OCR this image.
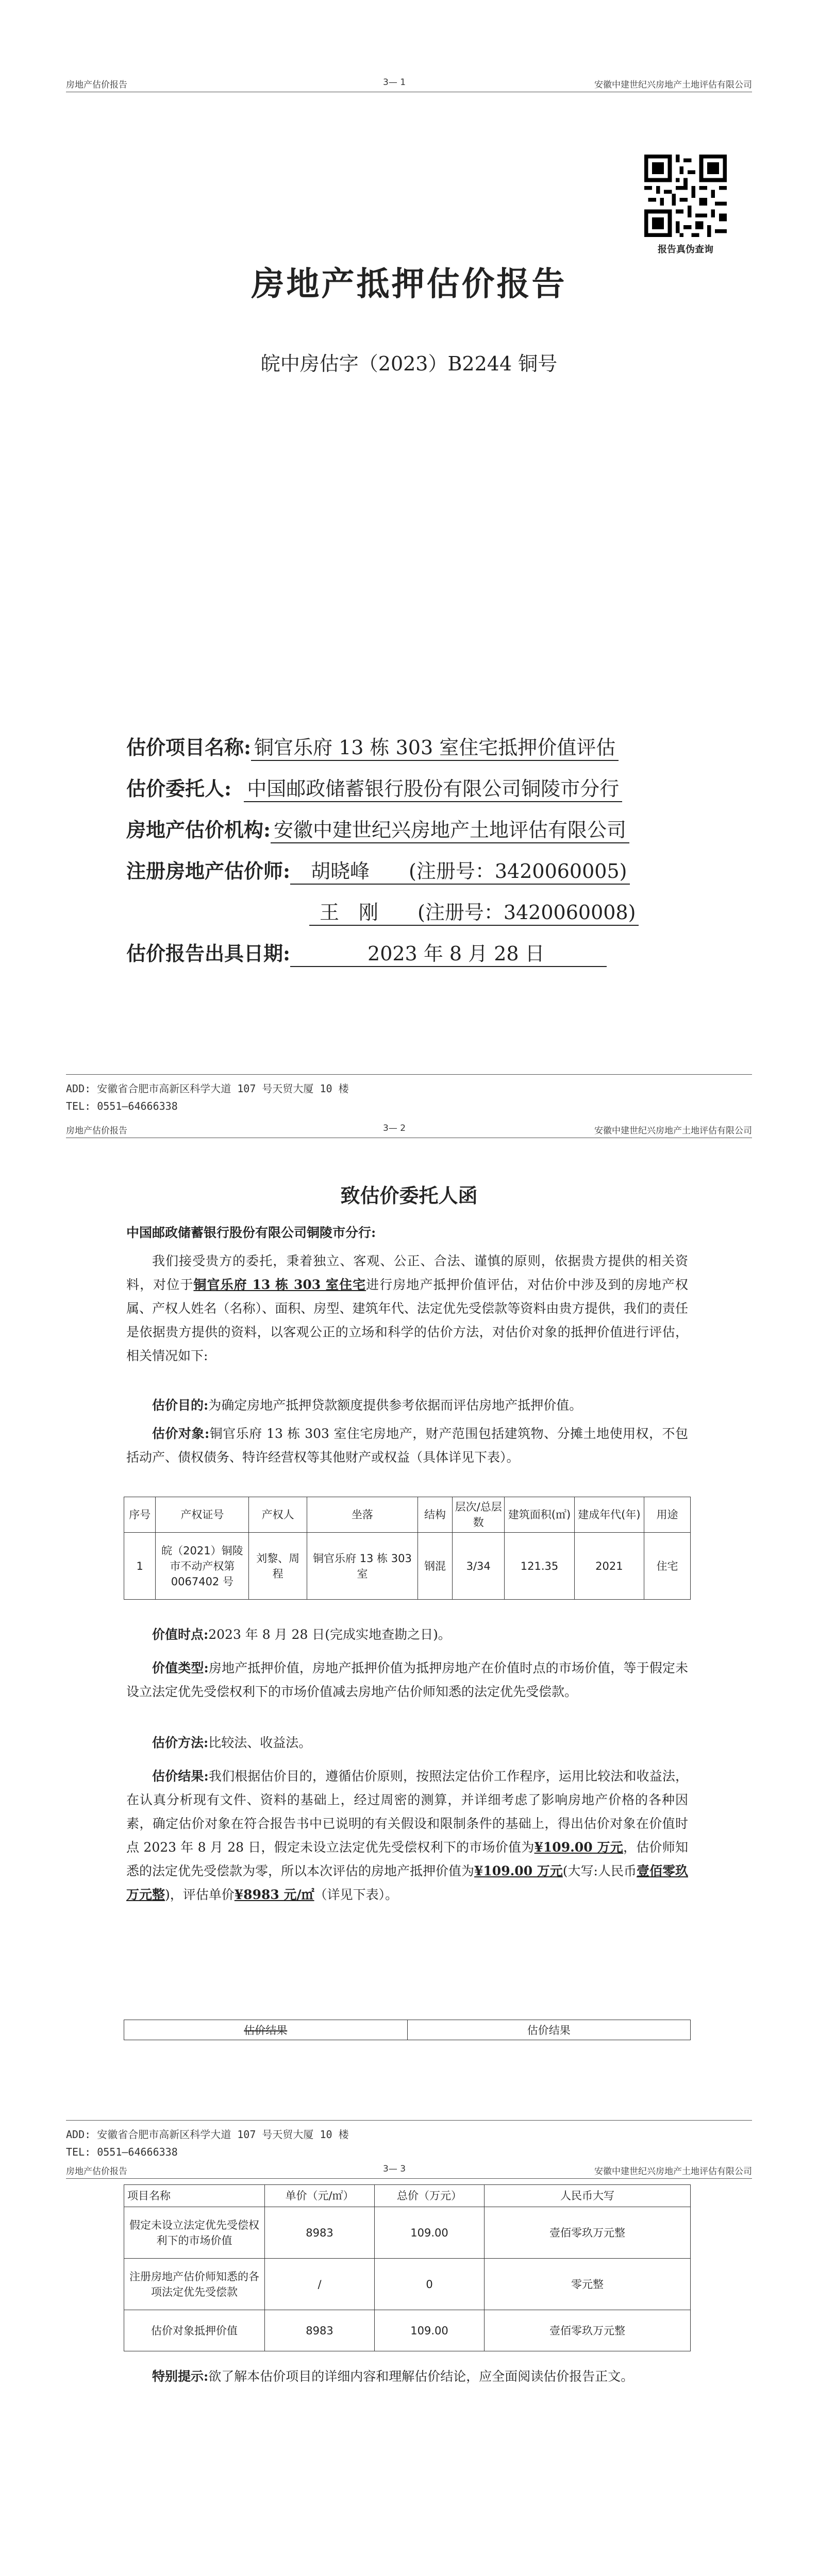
房地产估价报告	3— 1	安徽中建世纪兴房地产土地评估有限公司
报告真伪查询
房地产抵押估价报告
皖中房估字（2023）B2244 铜号
估价项目名称: 铜官乐府 13 栋 303 室住宅抵押价值评估
估价委托人: 中国邮政储蓄银行股份有限公司铜陵市分行
房地产估价机构: 安徽中建世纪兴房地产土地评估有限公司
注册房地产估价师: 胡晓峰　　(注册号：3420060005)
王　刚　　(注册号：3420060008)
估价报告出具日期:	2023 年 8 月 28 日
ADD: 安徽省合肥市高新区科学大道 107 号天贸大厦 10 楼
TEL: 0551—64666338
房地产估价报告	3— 2	安徽中建世纪兴房地产土地评估有限公司
致估价委托人函
中国邮政储蓄银行股份有限公司铜陵市分行:
我们接受贵方的委托，秉着独立、客观、公正、合法、谨慎的原则，依据贵方提供的相关资料，对位于铜官乐府 13 栋 303 室住宅进行房地产抵押价值评估，对估价中涉及到的房地产权属、产权人姓名（名称）、面积、房型、建筑年代、法定优先受偿款等资料由贵方提供，我们的责任是依据贵方提供的资料，以客观公正的立场和科学的估价方法，对估价对象的抵押价值进行评估，相关情况如下:
估价目的:为确定房地产抵押贷款额度提供参考依据而评估房地产抵押价值。
估价对象:铜官乐府 13 栋 303 室住宅房地产，财产范围包括建筑物、分摊土地使用权，不包括动产、债权债务、特许经营权等其他财产或权益（具体详见下表）。
序号	产权证号	产权人	坐落	结构	层次/总层数	建筑面积(㎡)	建成年代(年)	用途
1	皖（2021）铜陵市不动产权第0067402 号	刘黎、周程	铜官乐府 13 栋 303 室	钢混	3/34	121.35	2021	住宅
价值时点:2023 年 8 月 28 日(完成实地查勘之日)。
价值类型:房地产抵押价值，房地产抵押价值为抵押房地产在价值时点的市场价值，等于假定未设立法定优先受偿权利下的市场价值减去房地产估价师知悉的法定优先受偿款。
估价方法:比较法、收益法。
估价结果:我们根据估价目的，遵循估价原则，按照法定估价工作程序，运用比较法和收益法，在认真分析现有文件、资料的基础上，经过周密的测算，并详细考虑了影响房地产价格的各种因素，确定估价对象在符合报告书中已说明的有关假设和限制条件的基础上，得出估价对象在价值时点 2023 年 8 月 28 日，假定未设立法定优先受偿权利下的市场价值为¥109.00 万元，估价师知悉的法定优先受偿款为零，所以本次评估的房地产抵押价值为¥109.00 万元(大写:人民币壹佰零玖万元整)，评估单价¥8983 元/㎡（详见下表）。
估价结果	估价结果
ADD: 安徽省合肥市高新区科学大道 107 号天贸大厦 10 楼
TEL: 0551—64666338
房地产估价报告	3— 3	安徽中建世纪兴房地产土地评估有限公司
项目名称	单价（元/㎡）	总价（万元）	人民币大写
假定未设立法定优先受偿权利下的市场价值	8983	109.00	壹佰零玖万元整
注册房地产估价师知悉的各项法定优先受偿款	/	0	零元整
估价对象抵押价值	8983	109.00	壹佰零玖万元整
特别提示:欲了解本估价项目的详细内容和理解估价结论，应全面阅读估价报告正文。
